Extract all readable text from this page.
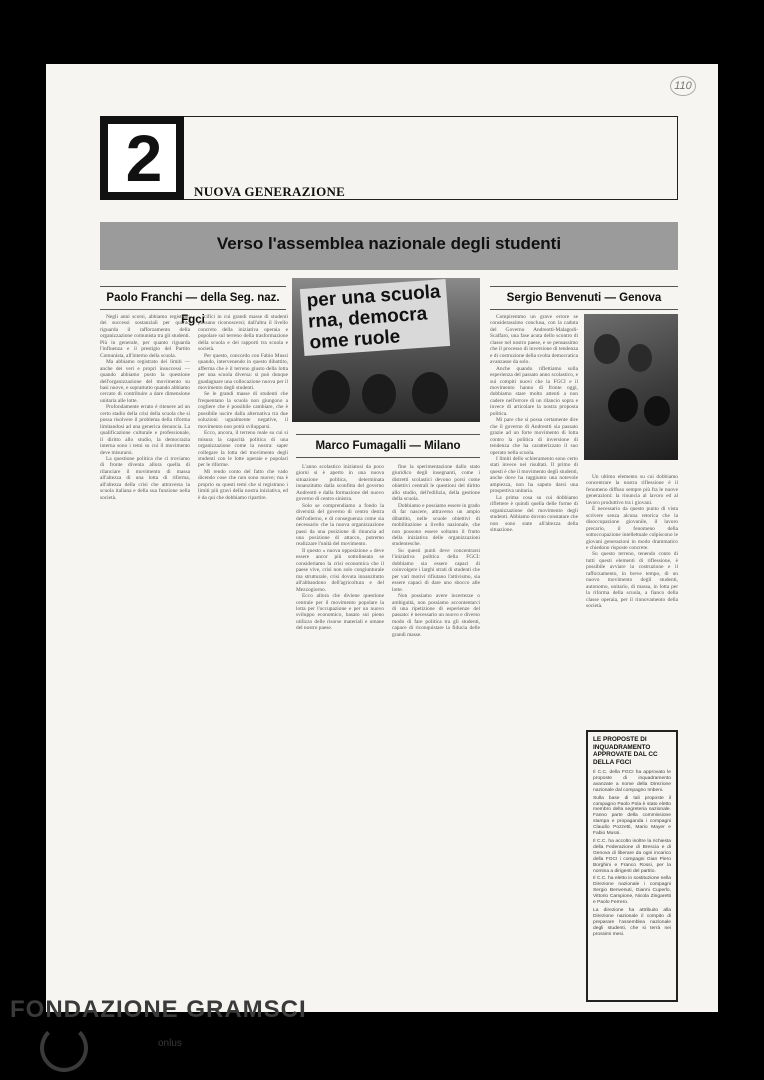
110
2	NUOVA GENERAZIONE
Verso l'assemblea nazionale degli studenti
Paolo Franchi — della Seg. naz. Fgci
Marco Fumagalli — Milano
Sergio Benvenuti — Genova
per una scuola
rna, democra
ome ruole

Negli anni scorsi, abbiamo registrato dei successi sostanziali per quanto riguarda il rafforzamento della organizzazione comunista tra gli studenti. Più in generale, per quanto riguarda l'influenza e il prestigio del Partito Comunista, all'interno della scuola.

Ma abbiamo registrato dei limiti — anche dei veri e propri insuccessi — quando abbiamo posto la questione dell'organizzazione del movimento su basi nuove, e soprattutto quando abbiamo cercato di contribuire a dare dimensione unitaria alle lotte.

Profondamente errato è ritenere ad un certo stadio della crisi della scuola che si possa risolvere il problema della riforma limitandosi ad una generica denuncia. La qualificazione culturale e professionale, il diritto allo studio, la democrazia interna sono i temi su cui il movimento deve misurarsi.

La questione politica che ci troviamo di fronte diventa allora quella di rilanciare il movimento di massa all'altezza di una lotta di riforma, all'altezza della crisi che attraversa la scuola italiana e della sua funzione nella società.

cifici in cui grandi masse di studenti possano riconoscersi; dall'altra il livello concreto della iniziativa operaia e popolare sul terreno della trasformazione della scuola e dei rapporti tra scuola e società.

Per questo, concordo con Fabio Mussi quando, intervenendo in questo dibattito, afferma che è il terreno giusto della lotta per una scuola diversa: si può dunque guadagnare una collocazione nuova per il movimento degli studenti.

Se le grandi masse di studenti che frequentano la scuola non giungono a cogliere che è possibile cambiare, che è possibile uscire dalla alternativa tra due soluzioni ugualmente negative, il movimento non potrà svilupparsi.

Ecco, ancora, il terreno reale su cui si misura la capacità politica di una organizzazione come la nostra: saper collegare la lotta del movimento degli studenti con le lotte operaie e popolari per le riforme.

Mi rendo conto del fatto che vado dicendo cose che non sono nuove; ma è proprio su questi temi che si registrano i limiti più gravi della nostra iniziativa, ed è da qui che dobbiamo ripartire.

L'anno scolastico iniziatosi da poco giorni si è aperto in una nuova situazione politica, determinata innanzitutto dalla sconfitta del governo Andreotti e dalla formazione del nuovo governo di centro sinistra.

Solo se comprendiamo a fondo la diversità del governo di centro destra dell'odierno, e di conseguenza come sia necessario che la nuova organizzazione passi da una posizione di rinuncia ad una posizione di attacco, potremo realizzare l'unità del movimento.

Il questo « nuova opposizione » deve essere ancor più sottolineata se consideriamo la crisi economica che il paese vive, crisi non solo congiunturale ma strutturale, crisi dovuta innanzitutto all'abbandono dell'agricoltura e del Mezzogiorno.

Ecco allora che diviene questione centrale per il movimento popolare la lotta per l'occupazione e per un nuovo sviluppo economico, basato sui pieno utilizzo delle risorse materiali e umane del nostro paese.

fine la sperimentazione dallo stato giuridico degli insegnanti, come i distretti scolastici devono porsi come obiettivi centrali le questioni del diritto allo studio, dell'edilizia, della gestione della scuola.

Dobbiamo e possiamo essere in grado di far nascere, attraverso un ampio dibattito, nelle scuole obiettivi di mobilitazione a livello nazionale, che non possono essere soltanto il frutto della iniziativa delle organizzazioni studentesche.

Su questi punti deve concentrarsi l'iniziativa politica della FGCI: dobbiamo sia essere capaci di coinvolgere i larghi strati di studenti che per vari motivi rifiutano l'attivismo, sia essere capaci di dare uno sbocco alle lotte.

Non possiamo avere incertezze o ambiguità, non possiamo accontentarci di una ripetizione di esperienze del passato: è necessario un nuovo e diverso modo di fare politica tra gli studenti, capace di riconquistare la fiducia delle grandi masse.

Compiremmo un grave errore se considerassimo conclusa, con la caduta del Governo Andreotti-Malagodi-Scalfaro, una fase acuta dello scontro di classe nel nostro paese, e se pensassimo che il processo di inversione di tendenza e di costruzione della svolta democratica avanzasse da solo.

Anche quando riflettiamo sulla esperienza del passato anno scolastico, e sui compiti nuovi che la FGCI e il movimento hanno di fronte oggi, dobbiamo stare molto attenti a non cadere nell'errore di un rilancio sopra e invece di articolare la nostra proposta politica.

Mi pare che si possa certamente dire che il governo di Andreotti sia passato grazie ad un forte movimento di lotta contro la politica di inversione di tendenza che ha caratterizzato il suo operato nella scuola.

I limiti dello schieramento sono certo stati invece nei risultati. Il primo di questi è che il movimento degli studenti, anche dove ha raggiunto una notevole ampiezza, non ha saputo darsi una prospettiva unitaria.

La prima cosa su cui dobbiamo riflettere è quindi quella delle forme di organizzazione del movimento degli studenti. Abbiamo dovuto constatare che non sono state all'altezza della situazione.

Un ultimo elemento su cui dobbiamo concentrare la nostra riflessione è il fenomeno diffuso sempre più fra le nuove generazioni: la rinuncia al lavoro ed al lavoro produttivo tra i giovani.

È necessario da questo punto di vista scrivere senza alcuna retorica che la disoccupazione giovanile, il lavoro precario, il fenomeno della sottoccupazione intellettuale colpiscono le giovani generazioni in modo drammatico e chiedono risposte concrete.

Su questo terreno, tenendo conto di tutti questi elementi di riflessione, è possibile avviare la costruzione e il rafforzamento, in breve tempo, di un nuovo movimento degli studenti, autonomo, unitario, di massa, in lotta per la riforma della scuola, a fianco della classe operaia, per il rinnovamento della società.

LE PROPOSTE DI INQUADRAMENTO APPROVATE DAL CC DELLA FGCI

Il C.C. della FGCI ha approvato le proposte di inquadramento avanzate a nome della Direzione nazionale dal compagno Imbeni.

Sulla base di tali proposte il compagno Paolo Pola è stato eletto membro della segreteria nazionale. Fanno parte della commissione stampa e propaganda i compagni Claudio Pozzetti, Mario Mayer e Fabio Mussi.

Il C.C. ha accolto inoltre la richiesta della Federazione di Brescia e di Genova di liberare da ogni incarico della FGCI i compagni Gian Piero Borghini e Franco Rossi, per la nomina a dirigenti del partito.

Il C.C. ha eletto in sostituzione nella Direzione nazionale i compagni Sergio Benvenuti, Gianni Cuperlo, Vittorio Campione, Nicola Zingaretti e Paolo Ferrero.

La direzione ha attribuito alla Direzione nazionale il compito di preparare l'assemblea nazionale degli studenti, che si terrà nei prossimi mesi.

FONDAZIONE GRAMSCI
onlus
